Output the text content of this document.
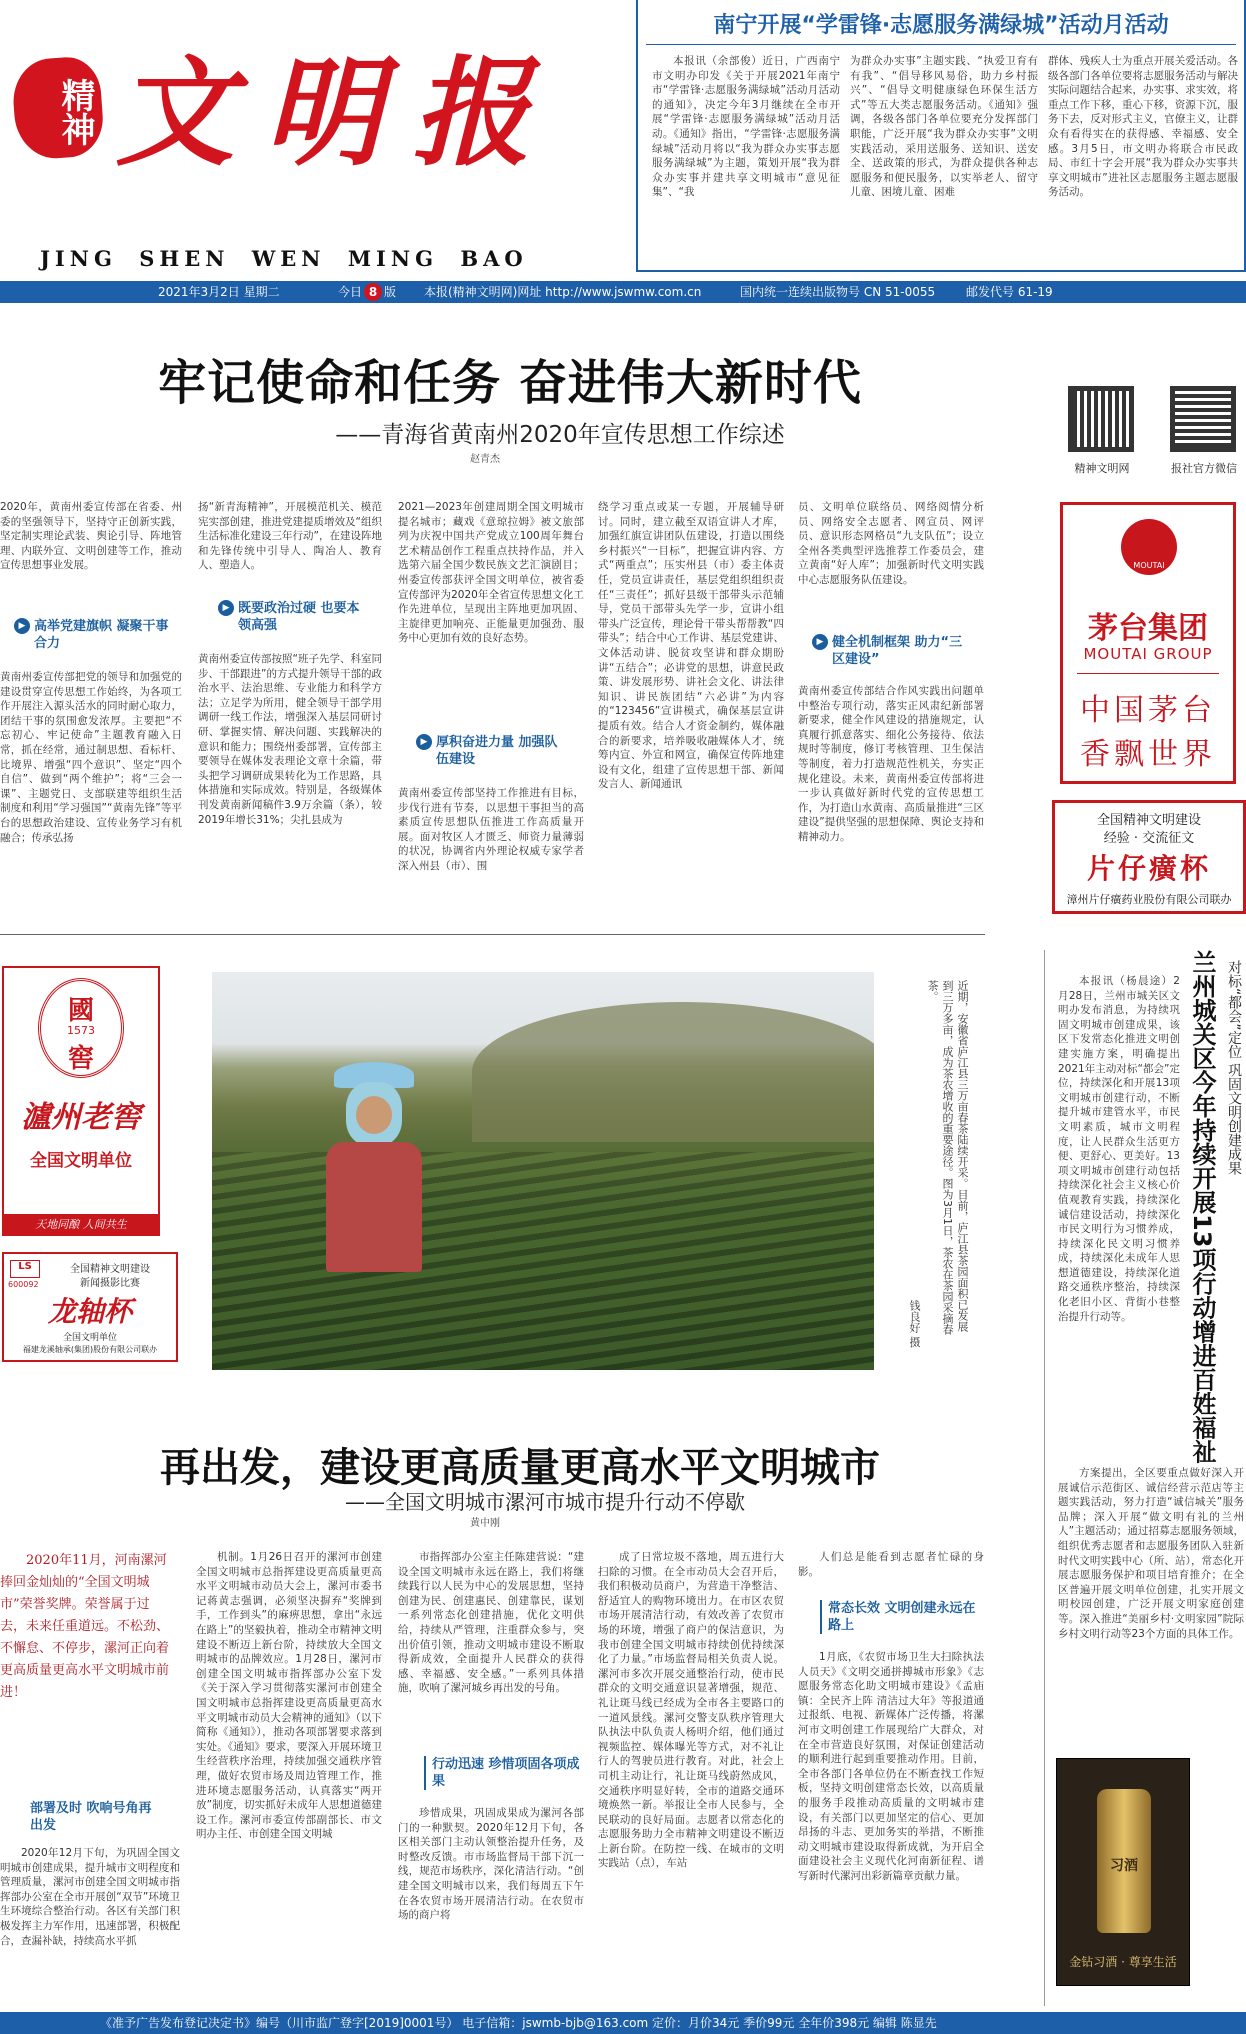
精神 文明报
JING SHEN WEN MING BAO
南宁开展“学雷锋·志愿服务满绿城”活动月活动
本报讯（余部俊）近日，广西南宁市文明办印发《关于开展2021年南宁市“学雷锋·志愿服务满绿城”活动月活动的通知》，决定今年3月继续在全市开展“学雷锋·志愿服务满绿城”活动月活动。《通知》指出，“学雷锋·志愿服务满绿城”活动月将以“我为群众办实事志愿服务满绿城”为主题，策划开展“我为群众办实事并建共享文明城市“意见征集”、“我
为群众办实事”主题实践、“执爱卫育有有我”、“倡导移风易俗，助力乡村振兴”、“倡导文明健康绿色环保生活方式”等五大类志愿服务活动。《通知》强调，各级各部门各单位要充分发挥部门职能，广泛开展“我为群众办实事”文明实践活动，采用送服务、送知识、送安全、送政策的形式，为群众提供各种志愿服务和便民服务，以实举老人、留守儿童、困境儿童、困难
群体、残疾人士为重点开展关爱活动。各级各部门各单位要将志愿服务活动与解决实际问题结合起来，办实事、求实效，将重点工作下移，重心下移，资源下沉，服务下去，反对形式主义，官僚主义，让群众有看得实在的获得感、幸福感、安全感。3月5日，市文明办将联合市民政局、市红十字会开展“我为群众办实事共享文明城市”进社区志愿服务主题志愿服务活动。
2021年3月2日 星期二	今日 8 版 本报(精神文明网)网址 http://www.jswmw.com.cn	国内统一连续出版物号 CN 51-0055	邮发代号 61-19
牢记使命和任务 奋进伟大新时代
——青海省黄南州2020年宣传思想工作综述
赵青杰
2020年，黄南州委宣传部在省委、州委的坚强领导下，坚持守正创新实践，坚定制实理论武装、舆论引导、阵地管理、内联外宣、文明创建等工作，推动宣传思想事业发展。
▶ 高举党建旗帜 凝聚干事合力
黄南州委宣传部把党的领导和加强党的建设贯穿宣传思想工作始终，为各项工作开展注入源头活水的同时耐心取力，团结干事的氛围愈发浓厚。主要把“不忘初心、牢记使命”主题教育融入日常，抓在经常，通过制思想、看标杆、比境界、增强“四个意识”、坚定“四个自信”、做到“两个维护”；将“三会一课”、主题党日、支部联建等组织生活制度和利用“学习强国”“黄南先锋”等平台的思想政治建设、宣传业务学习有机融合；传承弘扬
扬“新青海精神”，开展模范机关、模范宪实部创建，推进党建提质增效及“组织生活标准化建设三年行动”，在建设阵地和先锋传统中引导人、陶冶人、教育人、塑造人。
▶ 既要政治过硬 也要本领高强
黄南州委宣传部按照“班子先学、科室同步、干部跟进”的方式提升领导干部的政治水平、法治思维、专业能力和科学方法；立足学为所用，健全领导干部学用调研一线工作法，增强深入基层同研讨研、掌握实情、解决问题、实践解决的意识和能力；围绕州委部署，宣传部主要领导在媒体发表理论文章十余篇，带头把学习调研成果转化为工作思路，具体措施和实际成效。特别是，各级媒体刊发黄南新闻稿件3.9万余篇（条），较2019年增长31%；尖扎县成为
2021—2023年创建周期全国文明城市提名城市；藏戏《意琼拉姆》被文旅部列为庆祝中国共产党成立100周年舞台艺术精品创作工程重点扶持作品，并入选第六届全国少数民族文艺汇演剧目；州委宣传部获评全国文明单位，被省委宣传部评为2020年全省宣传思想文化工作先进单位，呈现出主阵地更加巩固、主旋律更加响亮、正能量更加强劲、服务中心更加有效的良好态势。
▶ 厚积奋进力量 加强队伍建设
黄南州委宣传部坚持工作推进有目标，步伐行进有节奏，以思想干事担当的高素质宣传思想队伍推进工作高质量开展。面对牧区人才匮乏、师资力量薄弱的状况，协调省内外理论权威专家学者深入州县（市）、围
绕学习重点或某一专题，开展辅导研讨。同时，建立截至双语宣讲人才库，加强红旗宣讲团队伍建设，打造以围绕乡村振兴“一目标”，把握宣讲内容、方式“两重点”；压实州县（市）委主体责任，党员宣讲责任，基层党组织组织责任“三责任”；抓好县级干部带头示范辅导，党员干部带头先学一步，宣讲小组带头广泛宣传，理论骨干带头帮帮教“四带头”；结合中心工作讲、基层党建讲、文体活动讲、脱贫攻坚讲和群众期盼讲“五结合”；必讲党的思想，讲意民政策、讲发展形势、讲社会文化、讲法律知识、讲民族团结“六必讲”为内容的“123456”宣讲模式，确保基层宣讲提质有效。结合人才资金制约，媒体融合的新要求，培养吸收融媒体人才，统筹内宣、外宣和网宣，确保宣传阵地建设有文化，组建了宣传思想干部、新闻发言人、新闻通讯
员、文明单位联络员、网络阅情分析员、网络安全志愿者、网宣员、网评员、意识形态网格员“九支队伍”；设立全州各类典型评选推荐工作委员会，建立黄南“好人库”；加强新时代文明实践中心志愿服务队伍建设。
▶ 健全机制框架 助力“三区建设”
黄南州委宣传部结合作风实践出问题单中整治专项行动，落实正风肃纪新部署新要求，健全作风建设的措施规定，认真履行抓意落实、细化公务接待、依法规时等制度，修订考核管理、卫生保洁等制度，着力打造规范性机关，夯实正规化建设。未来，黄南州委宣传部将进一步认真做好新时代党的宣传思想工作，为打造山水黄南、高质量推进“三区建设”提供坚强的思想保障、舆论支持和精神动力。
精神文明网	报社官方微信
MOUTAI
茅台集团
MOUTAI GROUP
中国茅台
香飘世界
全国精神文明建设
经验 · 交流征文
片仔癀杯
漳州片仔癀药业股份有限公司联办
國
1573
窖
瀘州老窖
全国文明单位
天地同酿 人间共生
LS
600092
全国精神文明建设
新闻摄影比赛
龙轴杯
全国文明单位
福建龙溪轴承(集团)股份有限公司联办
近期，安徽省庐江县三万亩春茶陆续开采。目前，庐江县茶园面积已发展到三万多亩，成为茶农增收的重要途径。图为3月1日，茶农在茶园采摘春茶。
钱良好 摄
对标“都会”定位 巩固文明创建成果
兰州城关区今年持续开展13项行动增进百姓福祉
本报讯（杨晨途）2月28日，兰州市城关区文明办发布消息，为持续巩固文明城市创建成果，该区下发常态化推进文明创建实施方案，明确提出2021年主动对标“都会”定位，持续深化和开展13项文明城市创建行动，不断提升城市建管水平，市民文明素质，城市文明程度，让人民群众生活更方便、更舒心、更美好。13项文明城市创建行动包括持续深化社会主义核心价值观教育实践，持续深化诚信建设活动，持续深化市民文明行为习惯养成，持续深化民文明习惯养成，持续深化未成年人思想道德建设，持续深化道路交通秩序整治，持续深化老旧小区、背街小巷整治提升行动等。
方案提出，全区要重点做好深入开展诚信示范街区、诚信经营示范店等主题实践活动，努力打造“诚信城关”服务品牌；深入开展“做文明有礼的兰州人”主题活动；通过招募志愿服务领域，组织优秀志愿者和志愿服务团队入驻新时代文明实践中心（所、站），常态化开展志愿服务保护和项目培育推介；在全区普遍开展文明单位创建，扎实开展文明校园创建，广泛开展文明家庭创建等。深入推进“美丽乡村·文明家园”院际乡村文明行动等23个方面的具体工作。
习酒
金钻习酒 · 尊享生活
再出发，建设更高质量更高水平文明城市
——全国文明城市漯河市城市提升行动不停歇
黄中刚
2020年11月，河南漯河捧回金灿灿的“全国文明城市”荣誉奖牌。荣誉属于过去，未来任重道远。不松劲、不懈怠、不停步，漯河正向着更高质量更高水平文明城市前进！
部署及时 吹响号角再出发
2020年12月下旬，为巩固全国文明城市创建成果，提升城市文明程度和管理质量，漯河市创建全国文明城市指挥部办公室在全市开展创“双节”环境卫生环境综合整治行动。各区有关部门积极发挥主力军作用，迅速部署，积极配合，查漏补缺，持续高水平抓
机制。1月26日召开的漯河市创建全国文明城市总指挥建设更高质量更高水平文明城市动员大会上，漯河市委书记蒋黄志强调，必须坚决摒弃“奖牌到手，工作到头”的麻痹思想，拿出“永远在路上”的坚毅执着，推动全市精神文明建设不断迈上新台阶，持续放大全国文明城市的品牌效应。1月28日，漯河市创建全国文明城市指挥部办公室下发《关于深入学习贯彻落实漯河市创建全国文明城市总指挥建设更高质量更高水平文明城市动员大会精神的通知》（以下简称《通知》），推动各项部署要求落到实处。《通知》要求，要深入开展环境卫生经营秩序治理，持续加强交通秩序管理，做好农贸市场及周边管理工作，推进环境志愿服务活动，认真落实“两开放”制度，切实抓好未成年人思想道德建设工作。漯河市委宣传部副部长、市文明办主任、市创建全国文明城
市指挥部办公室主任陈建营说：“建设全国文明城市永远在路上，我们将继续践行以人民为中心的发展思想，坚持创建为民、创建惠民、创建靠民，谋划一系列常态化创建措施，优化文明供给，持续从严管理，注重群众参与，突出价值引领，推动文明城市建设不断取得新成效，全面提升人民群众的获得感、幸福感、安全感。”一系列具体措施，吹响了漯河城乡再出发的号角。
行动迅速 珍惜项固各项成果
珍惜成果，巩固成果成为漯河各部门的一种默契。2020年12月下旬，各区相关部门主动认领整治提升任务，及时整改反馈。市市场监督局干部下沉一线，规范市场秩序，深化清洁行动。“创建全国文明城市以来，我们每周五下午在各农贸市场开展清洁行动。在农贸市场的商户将
成了日常垃圾不落地，周五进行大扫除的习惯。在全市动员大会召开后，我们积极动员商户，为营造干净整洁、舒适宜人的购物环境出力。在市区农贸市场开展清洁行动，有效改善了农贸市场的环境，增强了商户的保洁意识，为我市创建全国文明城市持续创优持续深化了力量。”市场监督局相关负责人说。漯河市多次开展交通整治行动，使市民群众的文明交通意识显著增强，规范、礼让斑马线已经成为全市各主要路口的一道风景线。漯河交警支队秩序管理大队执法中队负责人杨明介绍，他们通过视频监控、媒体曝光等方式，对不礼让行人的驾驶员进行教育。对此，社会上司机主动让行，礼让斑马线蔚然成风，交通秩序明显好转，全市的道路交通环境焕然一新。举报让全市人民参与，全民联动的良好局面。志愿者以常态化的志愿服务助力全市精神文明建设不断迈上新台阶。在防控一线、在城市的文明实践站（点），车站
人们总是能看到志愿者忙碌的身影。
常态长效 文明创建永远在路上
1月底，《农贸市场卫生大扫除执法人员天》《文明交通拼搏城市形象》《志愿服务常态化助文明城市建设》《孟庙镇：全民齐上阵 清洁过大年》等报道通过报纸、电视、新媒体广泛传播，将漯河市文明创建工作展现给广大群众，对在全市营造良好氛围，对保证创建活动的顺利进行起到重要推动作用。目前，全市各部门各单位仍在不断查找工作短板，坚持文明创建常态长效，以高质量的服务手段推动高质量的文明城市建设，有关部门以更加坚定的信心、更加昂扬的斗志、更加务实的举措，不断推动文明城市建设取得新成就，为开启全面建设社会主义现代化河南新征程、谱写新时代漯河出彩新篇章贡献力量。
《准予广告发布登记决定书》编号（川市监广登字[2019]0001号） 电子信箱：jswmb-bjb@163.com 定价：月价34元 季价99元 全年价398元 编辑 陈显先
